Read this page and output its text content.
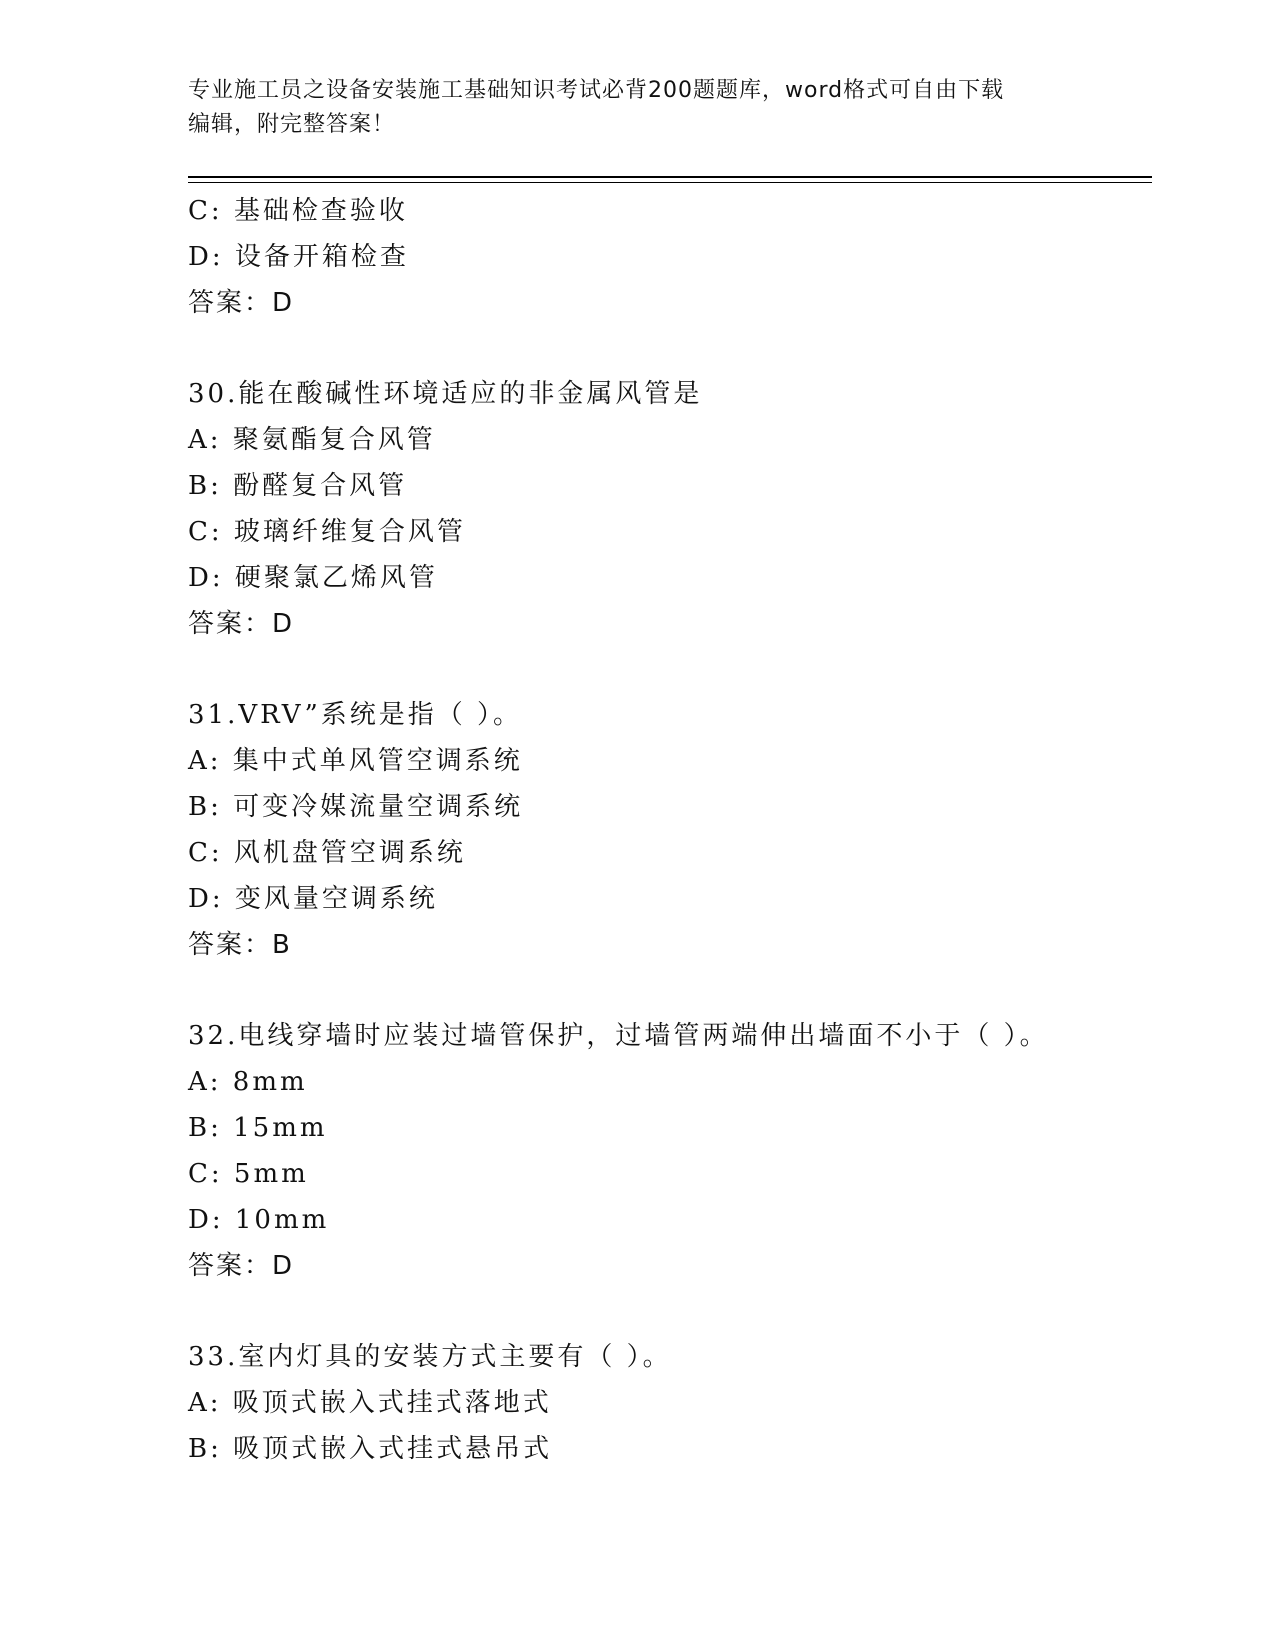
专业施工员之设备安装施工基础知识考试必背200题题库，word格式可自由下载
编辑，附完整答案！
C: 基础检查验收
D: 设备开箱检查
答案：D
30.能在酸碱性环境适应的非金属风管是
A: 聚氨酯复合风管
B: 酚醛复合风管
C: 玻璃纤维复合风管
D: 硬聚氯乙烯风管
答案：D
31.VRV”系统是指（ ）。
A: 集中式单风管空调系统
B: 可变冷媒流量空调系统
C: 风机盘管空调系统
D: 变风量空调系统
答案：B
32.电线穿墙时应装过墙管保护，过墙管两端伸出墙面不小于（ ）。
A: 8mm
B: 15mm
C: 5mm
D: 10mm
答案：D
33.室内灯具的安装方式主要有（ ）。
A: 吸顶式嵌入式挂式落地式
B: 吸顶式嵌入式挂式悬吊式
